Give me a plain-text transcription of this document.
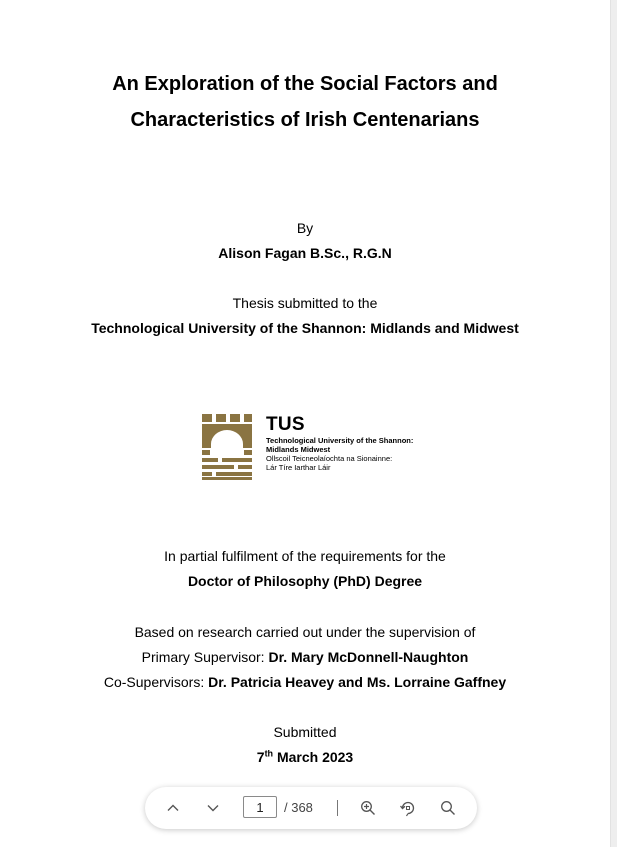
An Exploration of the Social Factors and
Characteristics of Irish Centenarians
By
Alison Fagan B.Sc., R.G.N
Thesis submitted to the
Technological University of the Shannon: Midlands and Midwest
TUS
Technological University of the Shannon:
Midlands Midwest
Ollscoil Teicneolaíochta na Sionainne:
Lár Tíre Iarthar Láir
In partial fulfilment of the requirements for the
Doctor of Philosophy (PhD) Degree
Based on research carried out under the supervision of
Primary Supervisor: Dr. Mary McDonnell-Naughton
Co-Supervisors: Dr. Patricia Heavey and Ms. Lorraine Gaffney
Submitted
7th March 2023
1
/ 368
